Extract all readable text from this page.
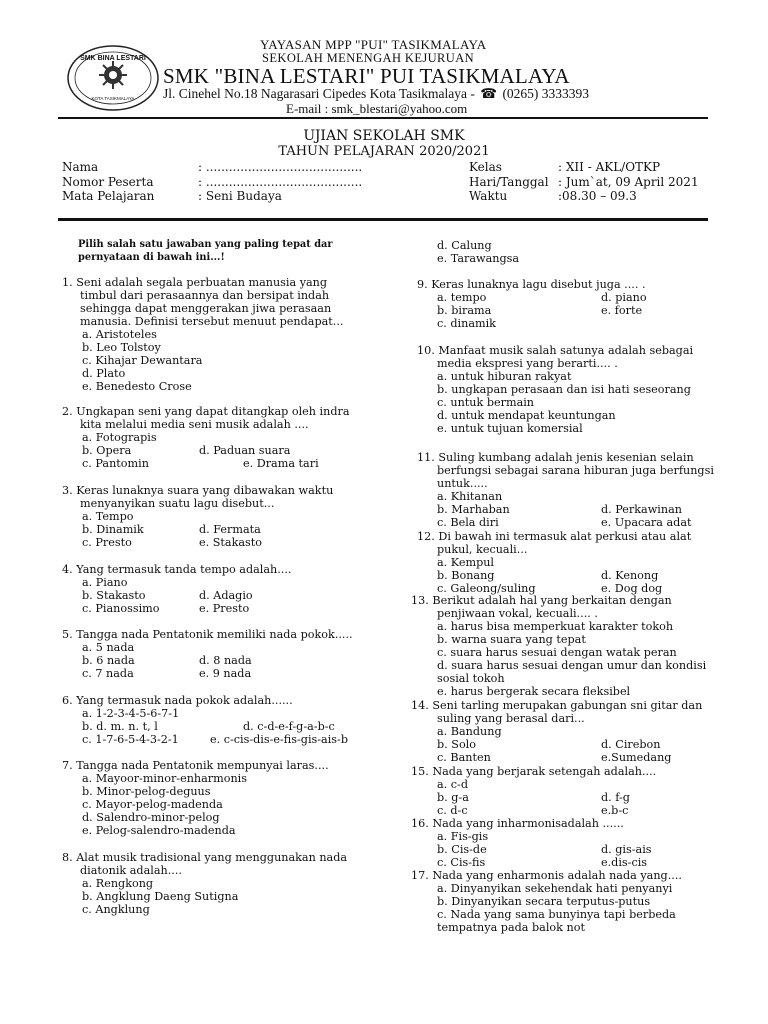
SMK BINA LESTARI
KOTA TASIKMALAYA
YAYASAN MPP "PUI" TASIKMALAYA
SEKOLAH MENENGAH KEJURUAN
SMK "BINA LESTARI" PUI TASIKMALAYA
Jl. Cinehel No.18 Nagarasari Cipedes Kota Tasikmalaya - ☎ (0265) 3333393
E-mail : smk_blestari@yahoo.com
UJIAN SEKOLAH SMK
TAHUN PELAJARAN 2020/2021
Nama	: .........................................
Nomor Peserta	: .........................................
Mata Pelajaran	: Seni Budaya
Kelas	: XII - AKL/OTKP
Hari/Tanggal : Jum`at, 09 April 2021
Waktu	:08.30 – 09.3
Pilih salah satu jawaban yang paling tepat dar
pernyataan di bawah ini...!
1. Seni adalah segala perbuatan manusia yang
timbul dari perasaannya dan bersipat indah
sehingga dapat menggerakan jiwa perasaan
manusia. Definisi tersebut menuut pendapat...
a. Aristoteles
b. Leo Tolstoy
c. Kihajar Dewantara
d. Plato
e. Benedesto Crose
2. Ungkapan seni yang dapat ditangkap oleh indra
kita melalui media seni musik adalah ....
a. Fotograpis
b. Opera	d. Paduan suara
c. Pantomin	e. Drama tari
3. Keras lunaknya suara yang dibawakan waktu
menyanyikan suatu lagu disebut...
a. Tempo
b. Dinamik	d. Fermata
c. Presto	e. Stakasto
4. Yang termasuk tanda tempo adalah....
a. Piano
b. Stakasto	d. Adagio
c. Pianossimo	e. Presto
5. Tangga nada Pentatonik memiliki nada pokok.....
a. 5 nada
b. 6 nada	d. 8 nada
c. 7 nada	e. 9 nada
6. Yang termasuk nada pokok adalah......
a. 1-2-3-4-5-6-7-1
b. d. m. n. t, l	d. c-d-e-f-g-a-b-c
c. 1-7-6-5-4-3-2-1	e. c-cis-dis-e-fis-gis-ais-b
7. Tangga nada Pentatonik mempunyai laras....
a. Mayoor-minor-enharmonis
b. Minor-pelog-deguus
c. Mayor-pelog-madenda
d. Salendro-minor-pelog
e. Pelog-salendro-madenda
8. Alat musik tradisional yang menggunakan nada
diatonik adalah....
a. Rengkong
b. Angklung Daeng Sutigna
c. Angklung
d. Calung
e. Tarawangsa
9. Keras lunaknya lagu disebut juga .... .
a. tempo	d. piano
b. birama	e. forte
c. dinamik
10. Manfaat musik salah satunya adalah sebagai
media ekspresi yang berarti.... .
a. untuk hiburan rakyat
b. ungkapan perasaan dan isi hati seseorang
c. untuk bermain
d. untuk mendapat keuntungan
e. untuk tujuan komersial
11. Suling kumbang adalah jenis kesenian selain
berfungsi sebagai sarana hiburan juga berfungsi
untuk.....
a. Khitanan
b. Marhaban	d. Perkawinan
c. Bela diri	e. Upacara adat
12. Di bawah ini termasuk alat perkusi atau alat
pukul, kecuali...
a. Kempul
b. Bonang	d. Kenong
c. Galeong/suling	e. Dog dog
13. Berikut adalah hal yang berkaitan dengan
penjiwaan vokal, kecuali.... .
a. harus bisa memperkuat karakter tokoh
b. warna suara yang tepat
c. suara harus sesuai dengan watak peran
d. suara harus sesuai dengan umur dan kondisi
sosial tokoh
e. harus bergerak secara fleksibel
14. Seni tarling merupakan gabungan sni gitar dan
suling yang berasal dari...
a. Bandung
b. Solo	d. Cirebon
c. Banten	e.Sumedang
15. Nada yang berjarak setengah adalah....
a. c-d
b. g-a	d. f-g
c. d-c	e.b-c
16. Nada yang inharmonisadalah ......
a. Fis-gis
b. Cis-de	d. gis-ais
c. Cis-fis	e.dis-cis
17. Nada yang enharmonis adalah nada yang....
a. Dinyanyikan sekehendak hati penyanyi
b. Dinyanyikan secara terputus-putus
c. Nada yang sama bunyinya tapi berbeda
tempatnya pada balok not
